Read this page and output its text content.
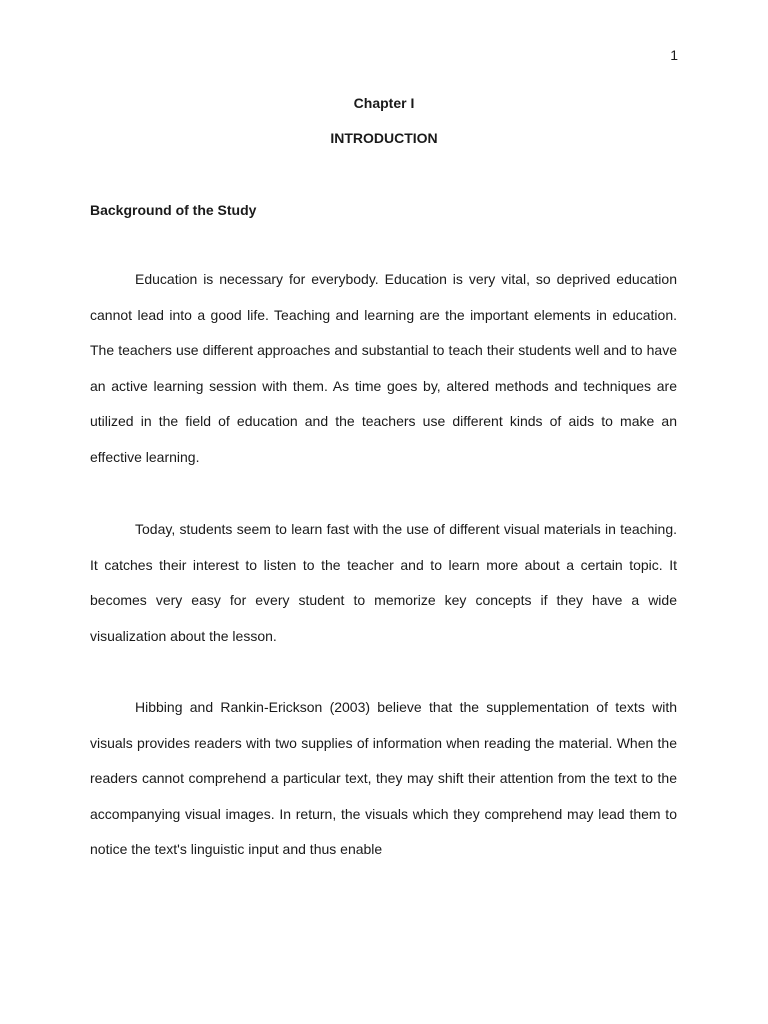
1
Chapter I
INTRODUCTION
Background of the Study

Education is necessary for everybody. Education is very vital, so deprived education cannot lead into a good life. Teaching and learning are the important elements in education. The teachers use different approaches and substantial to teach their students well and to have an active learning session with them. As time goes by, altered methods and techniques are utilized in the field of education and the teachers use different kinds of aids to make an effective learning.

Today, students seem to learn fast with the use of different visual materials in teaching. It catches their interest to listen to the teacher and to learn more about a certain topic. It becomes very easy for every student to memorize key concepts if they have a wide visualization about the lesson.

Hibbing and Rankin-Erickson (2003) believe that the supplementation of texts with visuals provides readers with two supplies of information when reading the material. When the readers cannot comprehend a particular text, they may shift their attention from the text to the accompanying visual images. In return, the visuals which they comprehend may lead them to notice the text's linguistic input and thus enable
